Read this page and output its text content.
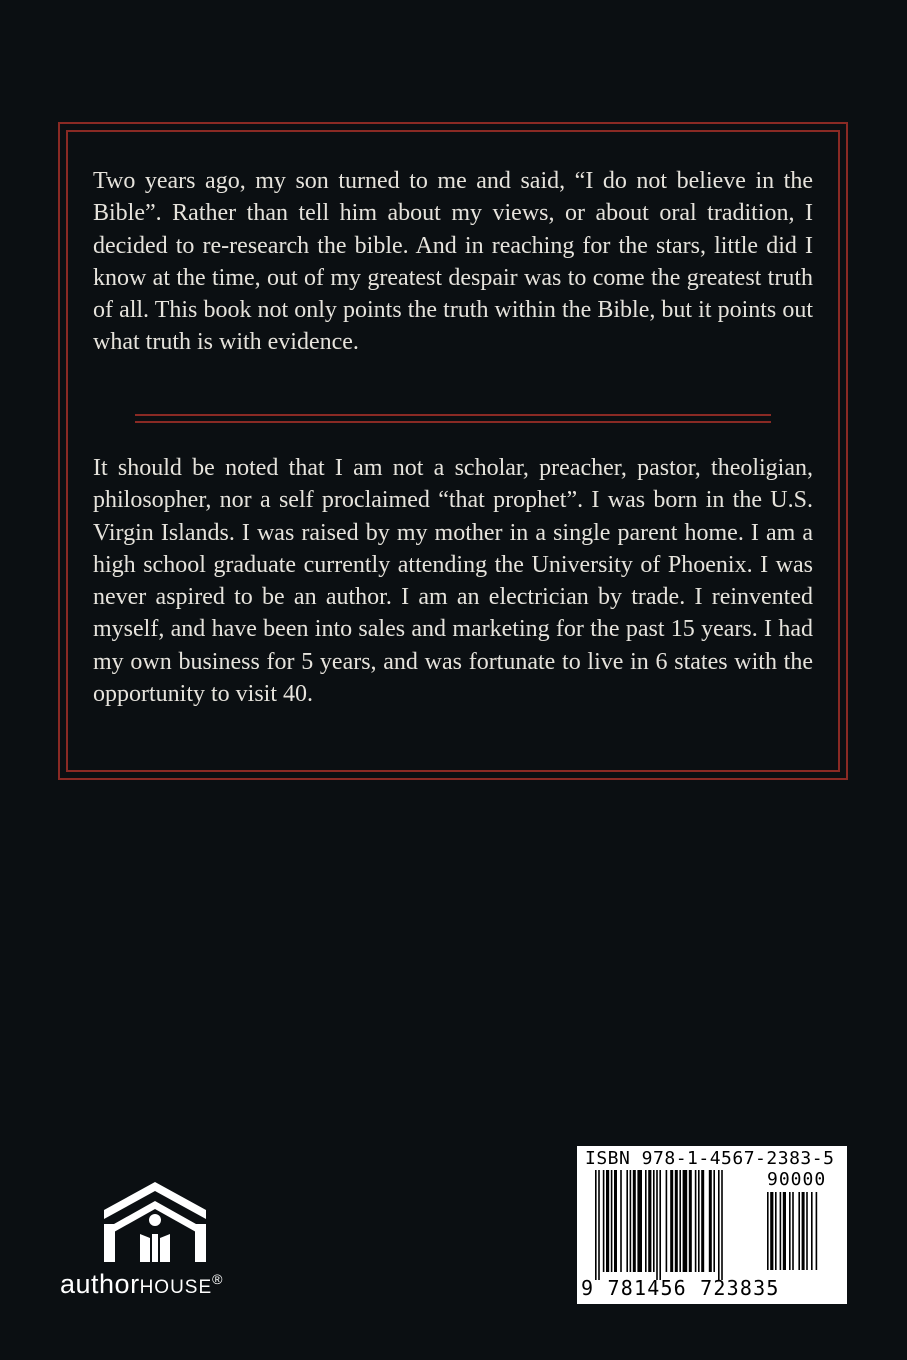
Two years ago, my son turned to me and said, “I do not believe in the Bible”. Rather than tell him about my views, or about oral tradition, I decided to re-research the bible. And in reaching for the stars, little did I know at the time, out of my greatest despair was to come the greatest truth of all. This book not only points the truth within the Bible, but it points out what truth is with evidence.

It should be noted that I am not a scholar, preacher, pastor, theoligian, philosopher, nor a self proclaimed “that prophet”. I was born in the U.S. Virgin Islands. I was raised by my mother in a single parent home. I am a high school graduate currently attending the University of Phoenix. I was never aspired to be an author. I am an electrician by trade. I reinvented myself, and have been into sales and marketing for the past 15 years. I had my own business for 5 years, and was fortunate to live in 6 states with the opportunity to visit 40.

authorHOUSE®
ISBN 978-1-4567-2383-5
90000
9 781456 723835
